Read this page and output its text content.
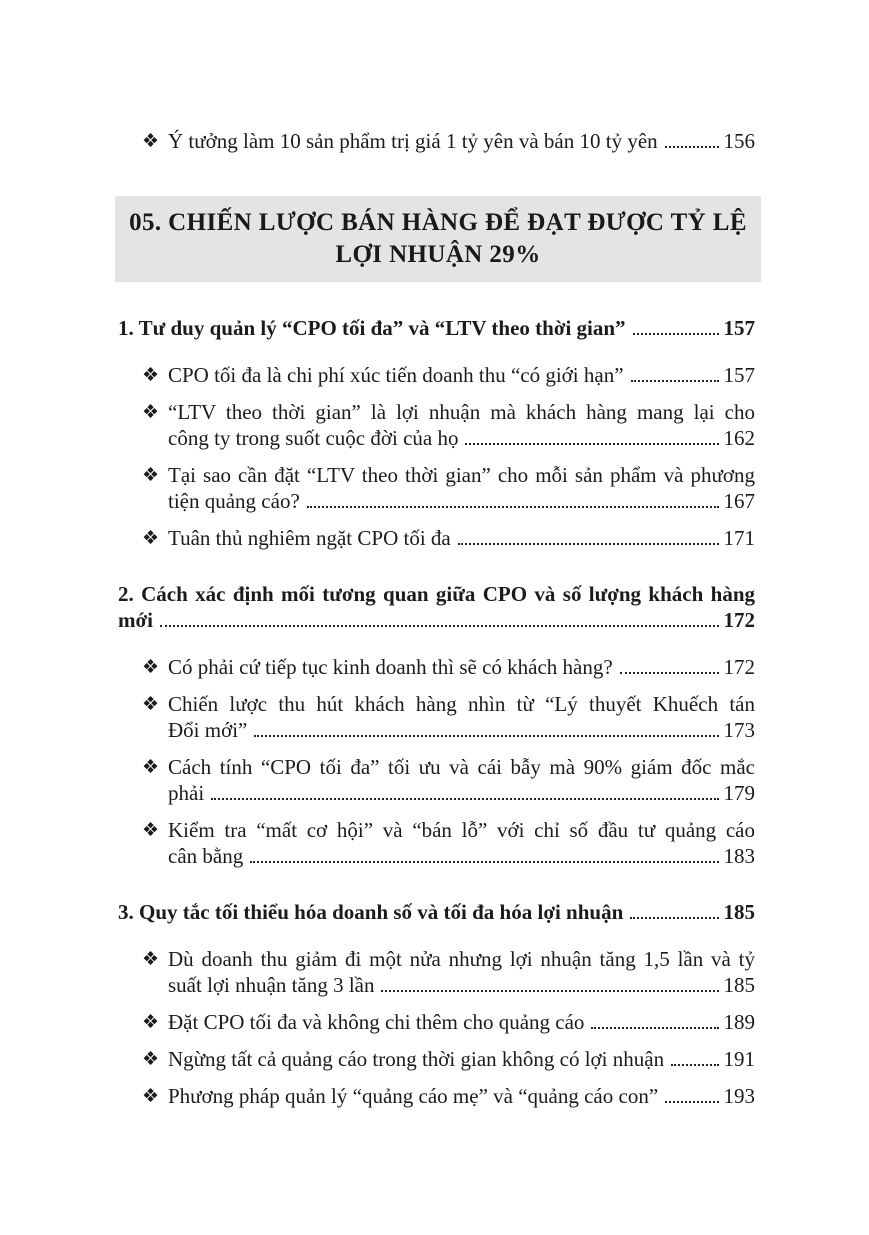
❖ Ý tưởng làm 10 sản phẩm trị giá 1 tỷ yên và bán 10 tỷ yên	156
05. CHIẾN LƯỢC BÁN HÀNG ĐỂ ĐẠT ĐƯỢC TỶ LỆ
LỢI NHUẬN 29%
1. Tư duy quản lý “CPO tối đa” và “LTV theo thời gian”	157
❖ CPO tối đa là chi phí xúc tiến doanh thu “có giới hạn”	157
❖ “LTV theo thời gian” là lợi nhuận mà khách hàng mang lại cho
công ty trong suốt cuộc đời của họ	162
❖ Tại sao cần đặt “LTV theo thời gian” cho mỗi sản phẩm và phương
tiện quảng cáo?	167
❖ Tuân thủ nghiêm ngặt CPO tối đa	171
2. Cách xác định mối tương quan giữa CPO và số lượng khách hàng
mới	172
❖ Có phải cứ tiếp tục kinh doanh thì sẽ có khách hàng?	172
❖ Chiến lược thu hút khách hàng nhìn từ “Lý thuyết Khuếch tán
Đổi mới”	173
❖ Cách tính “CPO tối đa” tối ưu và cái bẫy mà 90% giám đốc mắc
phải	179
❖ Kiểm tra “mất cơ hội” và “bán lỗ” với chỉ số đầu tư quảng cáo
cân bằng	183
3. Quy tắc tối thiểu hóa doanh số và tối đa hóa lợi nhuận	185
❖ Dù doanh thu giảm đi một nửa nhưng lợi nhuận tăng 1,5 lần và tỷ
suất lợi nhuận tăng 3 lần	185
❖ Đặt CPO tối đa và không chi thêm cho quảng cáo	189
❖ Ngừng tất cả quảng cáo trong thời gian không có lợi nhuận	191
❖ Phương pháp quản lý “quảng cáo mẹ” và “quảng cáo con”	193
